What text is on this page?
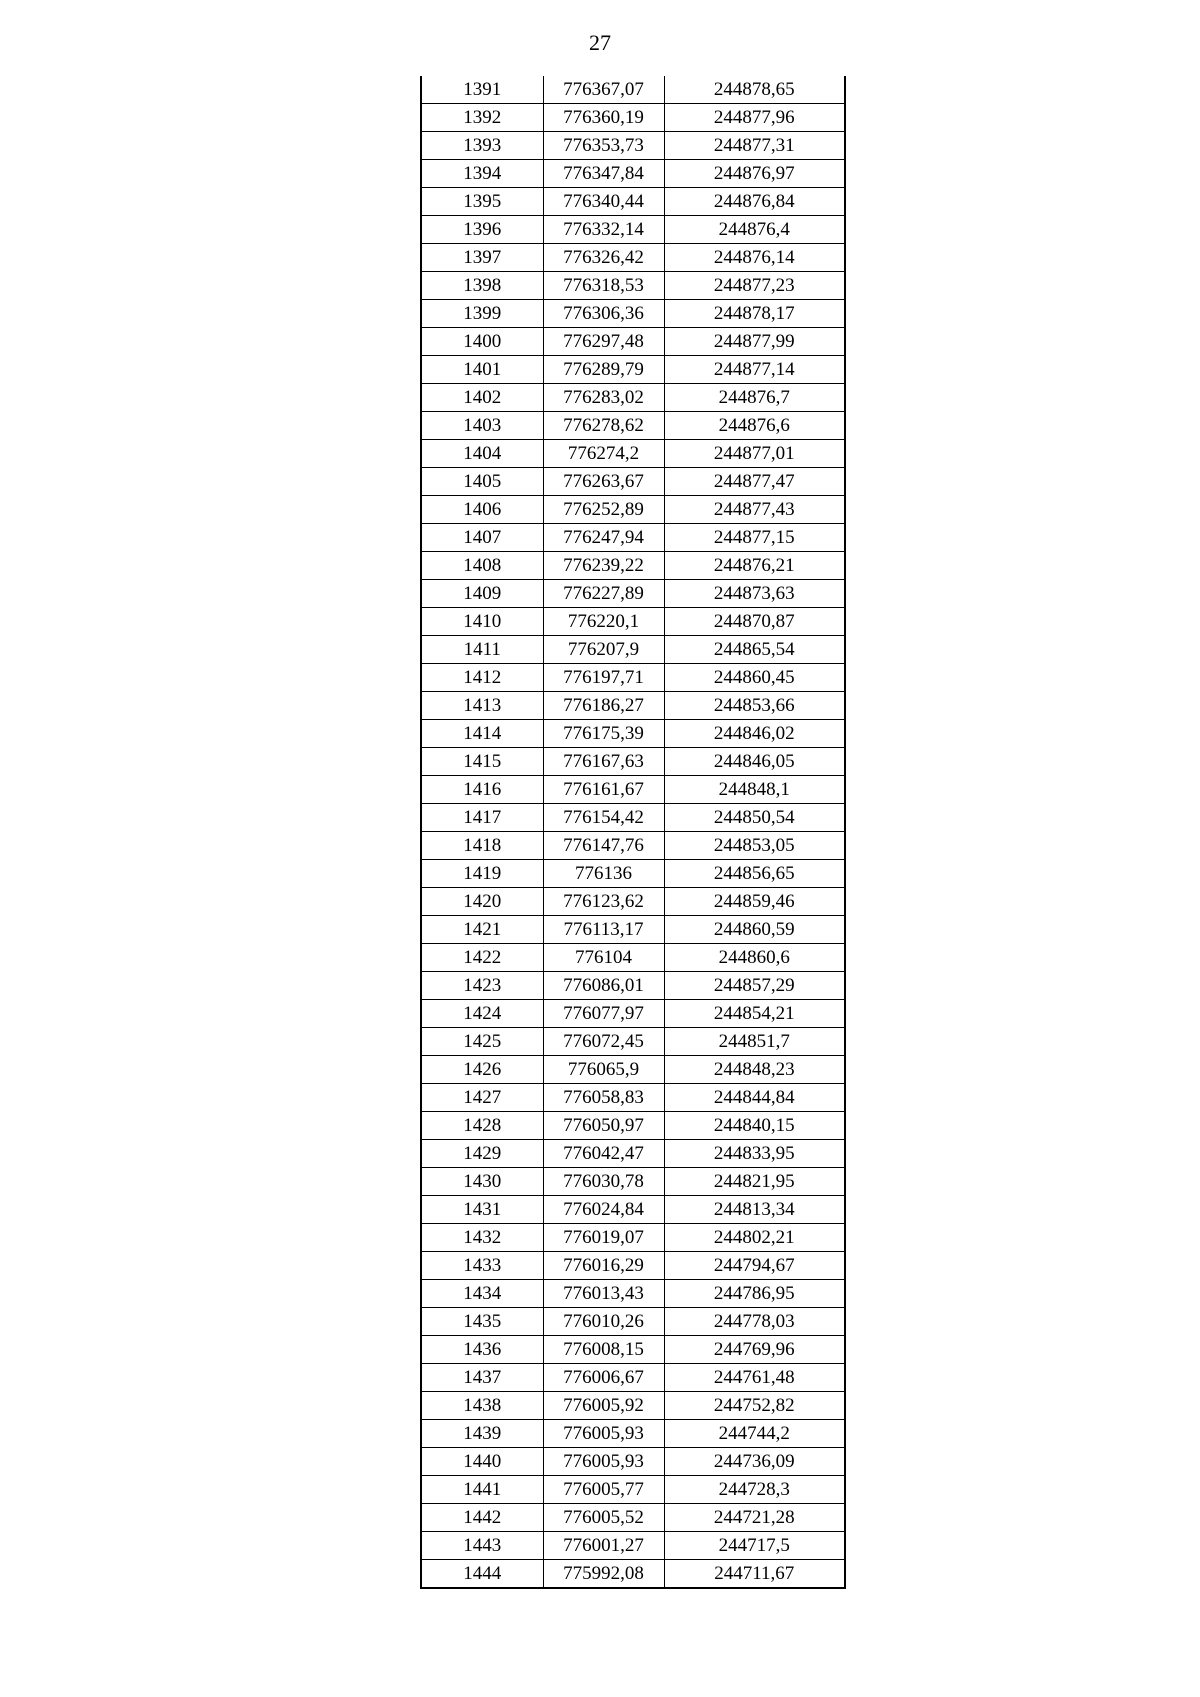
27
1391	776367,07	244878,65
1392	776360,19	244877,96
1393	776353,73	244877,31
1394	776347,84	244876,97
1395	776340,44	244876,84
1396	776332,14	244876,4
1397	776326,42	244876,14
1398	776318,53	244877,23
1399	776306,36	244878,17
1400	776297,48	244877,99
1401	776289,79	244877,14
1402	776283,02	244876,7
1403	776278,62	244876,6
1404	776274,2	244877,01
1405	776263,67	244877,47
1406	776252,89	244877,43
1407	776247,94	244877,15
1408	776239,22	244876,21
1409	776227,89	244873,63
1410	776220,1	244870,87
1411	776207,9	244865,54
1412	776197,71	244860,45
1413	776186,27	244853,66
1414	776175,39	244846,02
1415	776167,63	244846,05
1416	776161,67	244848,1
1417	776154,42	244850,54
1418	776147,76	244853,05
1419	776136	244856,65
1420	776123,62	244859,46
1421	776113,17	244860,59
1422	776104	244860,6
1423	776086,01	244857,29
1424	776077,97	244854,21
1425	776072,45	244851,7
1426	776065,9	244848,23
1427	776058,83	244844,84
1428	776050,97	244840,15
1429	776042,47	244833,95
1430	776030,78	244821,95
1431	776024,84	244813,34
1432	776019,07	244802,21
1433	776016,29	244794,67
1434	776013,43	244786,95
1435	776010,26	244778,03
1436	776008,15	244769,96
1437	776006,67	244761,48
1438	776005,92	244752,82
1439	776005,93	244744,2
1440	776005,93	244736,09
1441	776005,77	244728,3
1442	776005,52	244721,28
1443	776001,27	244717,5
1444	775992,08	244711,67
